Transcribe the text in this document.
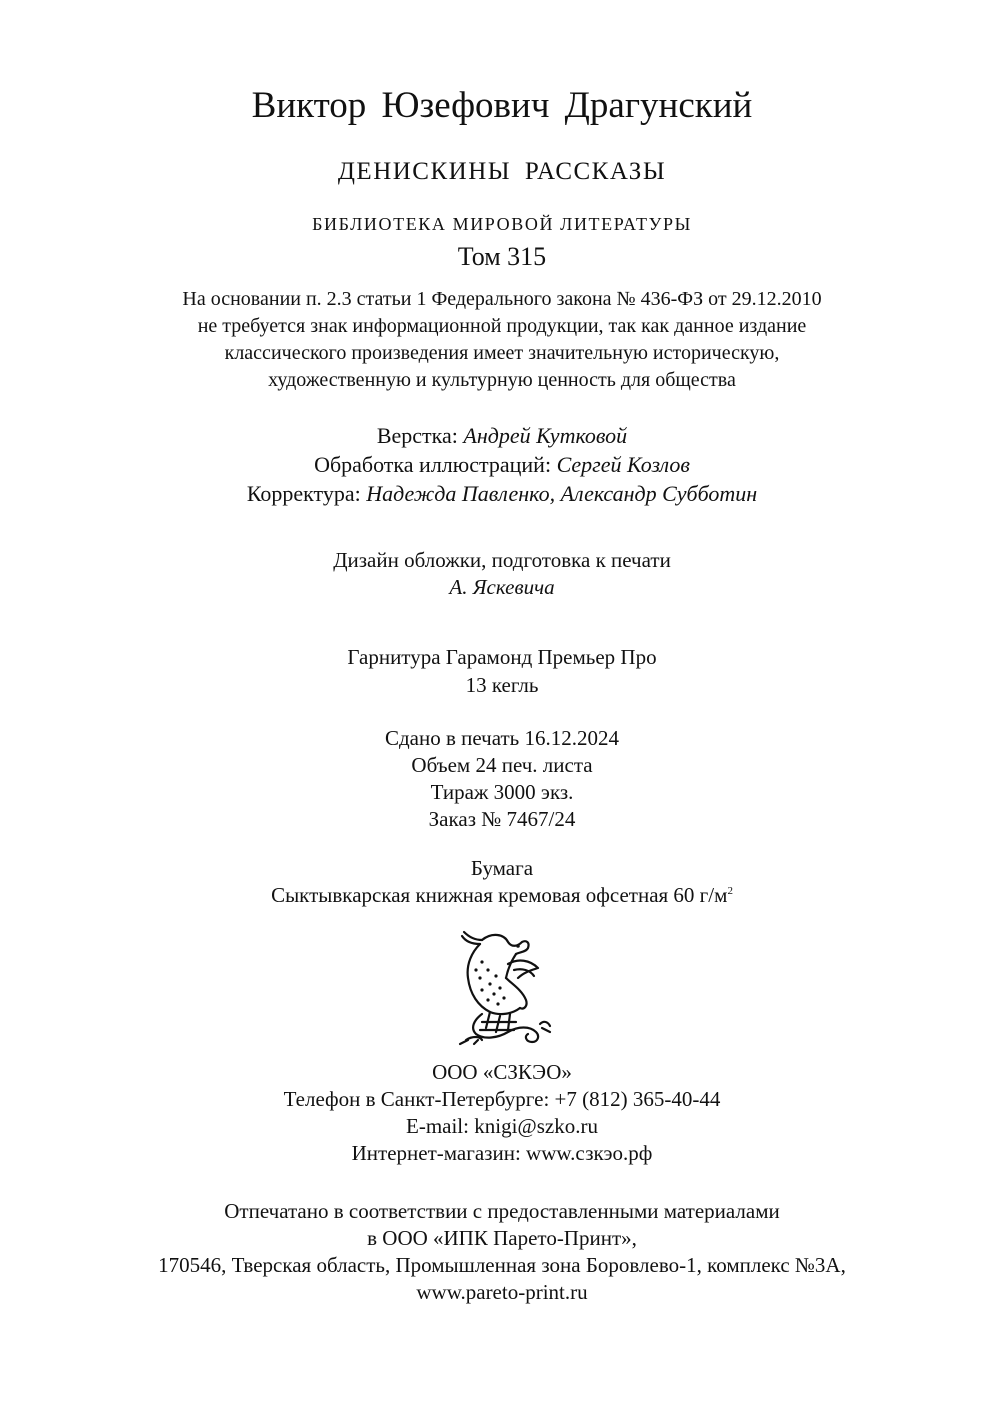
Виктор Юзефович Драгунский
ДЕНИСКИНЫ РАССКАЗЫ
БИБЛИОТЕКА МИРОВОЙ ЛИТЕРАТУРЫ
Том 315
На основании п. 2.3 статьи 1 Федерального закона № 436-ФЗ от 29.12.2010
не требуется знак информационной продукции, так как данное издание
классического произведения имеет значительную историческую,
художественную и культурную ценность для общества
Верстка: Андрей Кутковой
Обработка иллюстраций: Сергей Козлов
Корректура: Надежда Павленко, Александр Субботин
Дизайн обложки, подготовка к печати
А. Яскевича
Гарнитура Гарамонд Премьер Про
13 кегль
Сдано в печать 16.12.2024
Объем 24 печ. листа
Тираж 3000 экз.
Заказ № 7467/24
Бумага
Сыктывкарская книжная кремовая офсетная 60 $г/м^2$
ООО «СЗКЭО»
Телефон в Санкт-Петербурге: +7 (812) 365-40-44
E-mail: knigi@szko.ru
Интернет-магазин: www.сзкэо.рф
Отпечатано в соответствии с предоставленными материалами
в ООО «ИПК Парето-Принт»,
170546, Тверская область, Промышленная зона Боровлево-1, комплекс №3А,
www.pareto-print.ru
